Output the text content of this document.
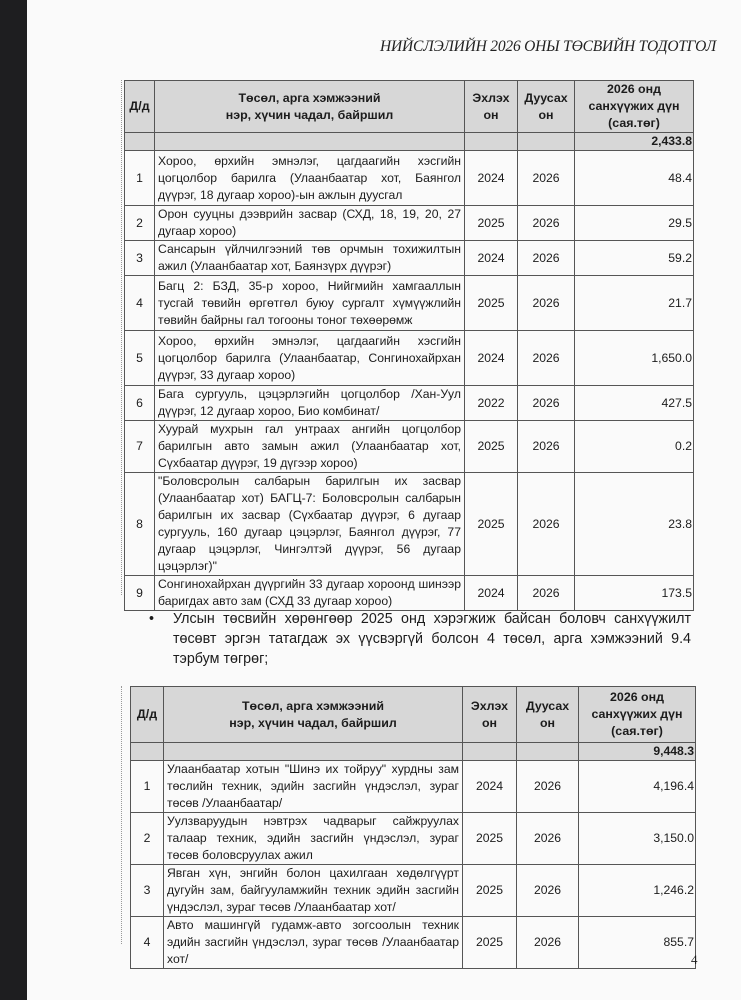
НИЙСЛЭЛИЙН 2026 ОНЫ ТӨСВИЙН ТОДОТГОЛ
Д/д	Төсөл, арга хэмжээний нэр, хүчин чадал, байршил	Эхлэх он	Дуусах он	2026 онд санхүүжих дүн (сая.төг)
				2,433.8
1	Хороо, өрхийн эмнэлэг, цагдаагийн хэсгийн цогцолбор барилга (Улаанбаатар хот, Баянгол дүүрэг, 18 дугаар хороо)-ын ажлын дуусгал	2024	2026	48.4
2	Орон сууцны дээврийн засвар (СХД, 18, 19, 20, 27 дугаар хороо)	2025	2026	29.5
3	Сансарын үйлчилгээний төв орчмын тохижилтын ажил (Улаанбаатар хот, Баянзүрх дүүрэг)	2024	2026	59.2
4	Багц 2: БЗД, 35-р хороо, Нийгмийн хамгааллын тусгай төвийн өргөтгөл буюу сургалт хүмүүжлийн төвийн байрны гал тогооны тоног төхөөрөмж	2025	2026	21.7
5	Хороо, өрхийн эмнэлэг, цагдаагийн хэсгийн цогцолбор барилга (Улаанбаатар, Сонгинохайрхан дүүрэг, 33 дугаар хороо)	2024	2026	1,650.0
6	Бага сургууль, цэцэрлэгийн цогцолбор /Хан-Уул дүүрэг, 12 дугаар хороо, Био комбинат/	2022	2026	427.5
7	Хуурай мухрын гал унтраах ангийн цогцолбор барилгын авто замын ажил (Улаанбаатар хот, Сүхбаатар дүүрэг, 19 дүгээр хороо)	2025	2026	0.2
8	"Боловсролын салбарын барилгын их засвар (Улаанбаатар хот) БАГЦ-7: Боловсролын салбарын барилгын их засвар (Сүхбаатар дүүрэг, 6 дугаар сургууль, 160 дугаар цэцэрлэг, Баянгол дүүрэг, 77 дугаар цэцэрлэг, Чингэлтэй дүүрэг, 56 дугаар цэцэрлэг)"	2025	2026	23.8
9	Сонгинохайрхан дүүргийн 33 дугаар хороонд шинээр баригдах авто зам (СХД 33 дугаар хороо)	2024	2026	173.5
• Улсын төсвийн хөрөнгөөр 2025 онд хэрэгжиж байсан боловч санхүүжилт төсөвт эргэн татагдаж эх үүсвэргүй болсон 4 төсөл, арга хэмжээний 9.4 тэрбум төгрөг;
Д/д	Төсөл, арга хэмжээний нэр, хүчин чадал, байршил	Эхлэх он	Дуусах он	2026 онд санхүүжих дүн (сая.төг)
				9,448.3
1	Улаанбаатар хотын "Шинэ их тойруу" хурдны зам төслийн техник, эдийн засгийн үндэслэл, зураг төсөв /Улаанбаатар/	2024	2026	4,196.4
2	Уулзваруудын нэвтрэх чадварыг сайжруулах талаар техник, эдийн засгийн үндэслэл, зураг төсөв боловсруулах ажил	2025	2026	3,150.0
3	Явган хүн, энгийн болон цахилгаан хөдөлгүүрт дугуйн зам, байгууламжийн техник эдийн засгийн үндэслэл, зураг төсөв /Улаанбаатар хот/	2025	2026	1,246.2
4	Авто машингүй гудамж-авто зогсоолын техник эдийн засгийн үндэслэл, зураг төсөв /Улаанбаатар хот/	2025	2026	855.7
4
